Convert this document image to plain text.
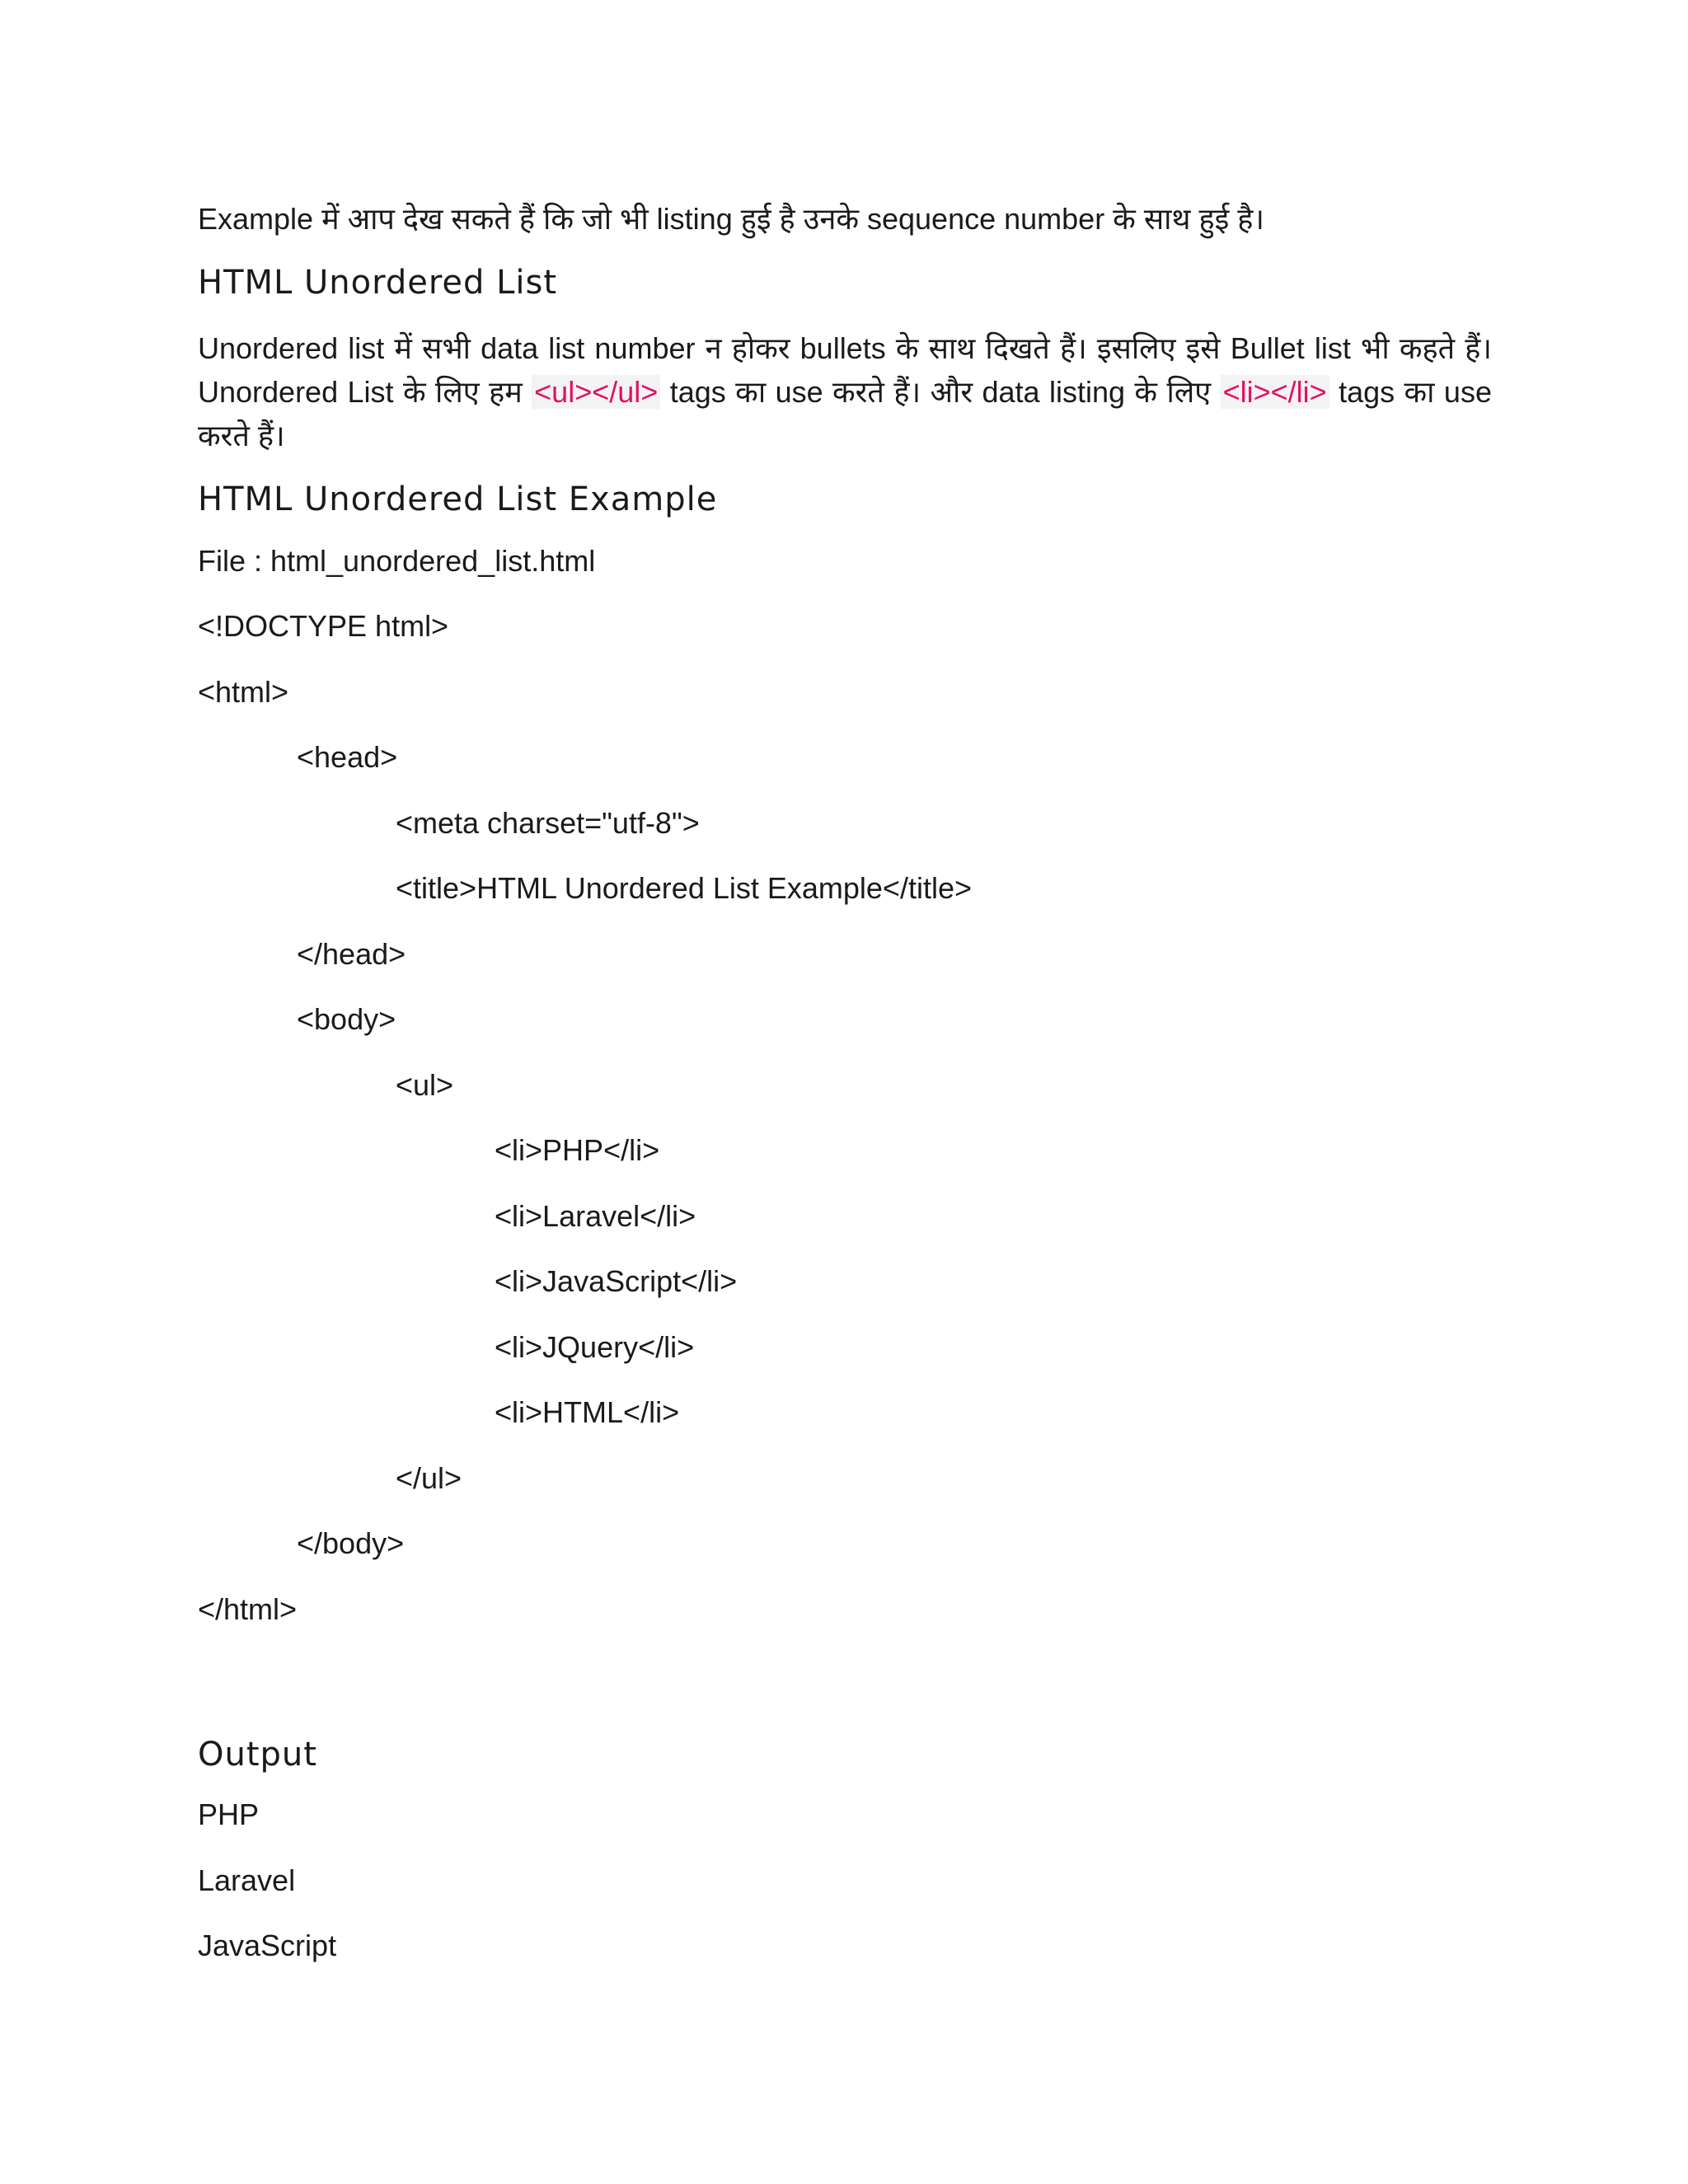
Example में आप देख सकते हैं कि जो भी listing हुई है उनके sequence number के साथ हुई है।

HTML Unordered List

Unordered list में सभी data list number न होकर bullets के साथ दिखते हैं। इसलिए इसे Bullet list भी कहते हैं। Unordered List के लिए हम <ul></ul> tags का use करते हैं। और data listing के लिए <li></li> tags का use करते हैं।

HTML Unordered List Example

File : html_unordered_list.html

<!DOCTYPE html>
<html>
<head>
<meta charset="utf-8">
<title>HTML Unordered List Example</title>
</head>
<body>
<ul>
<li>PHP</li>
<li>Laravel</li>
<li>JavaScript</li>
<li>JQuery</li>
<li>HTML</li>
</ul>
</body>
</html>
Output
PHP
Laravel
JavaScript
